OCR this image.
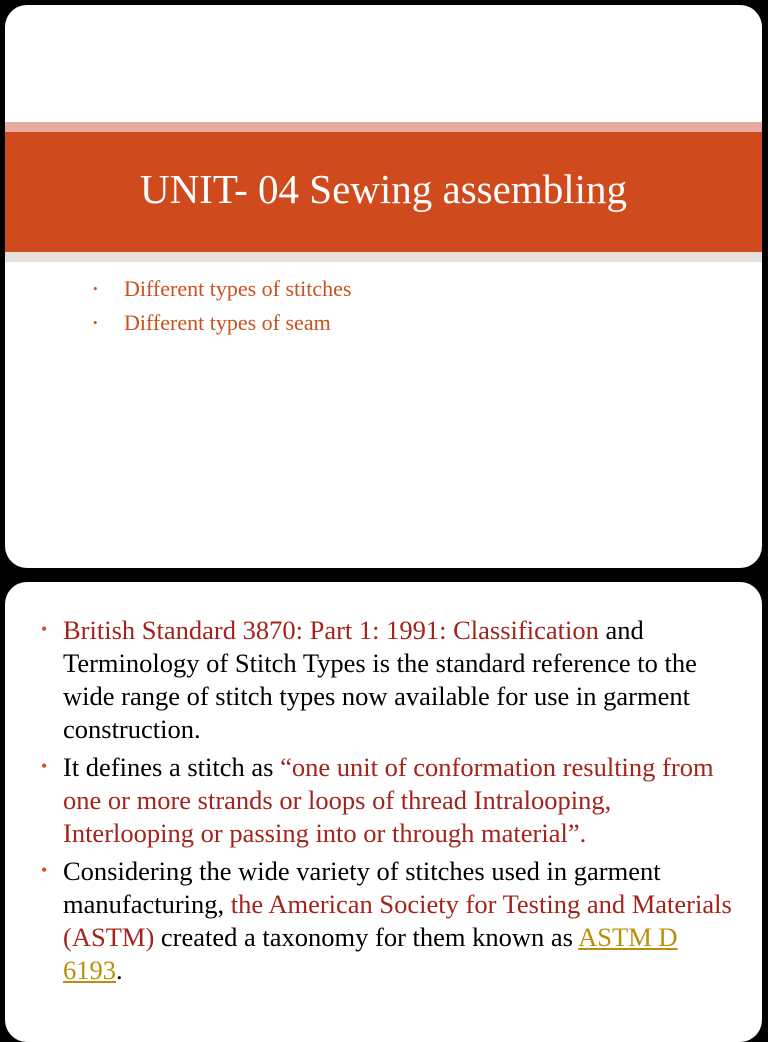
UNIT- 04 Sewing assembling
•	Different types of stitches
•	Different types of seam
• British Standard 3870: Part 1: 1991: Classification and Terminology of Stitch Types is the standard reference to the wide range of stitch types now available for use in garment construction.
• It defines a stitch as “one unit of conformation resulting from one or more strands or loops of thread Intralooping, Interlooping or passing into or through material”.
• Considering the wide variety of stitches used in garment manufacturing, the American Society for Testing and Materials (ASTM) created a taxonomy for them known as ASTM D 6193.
